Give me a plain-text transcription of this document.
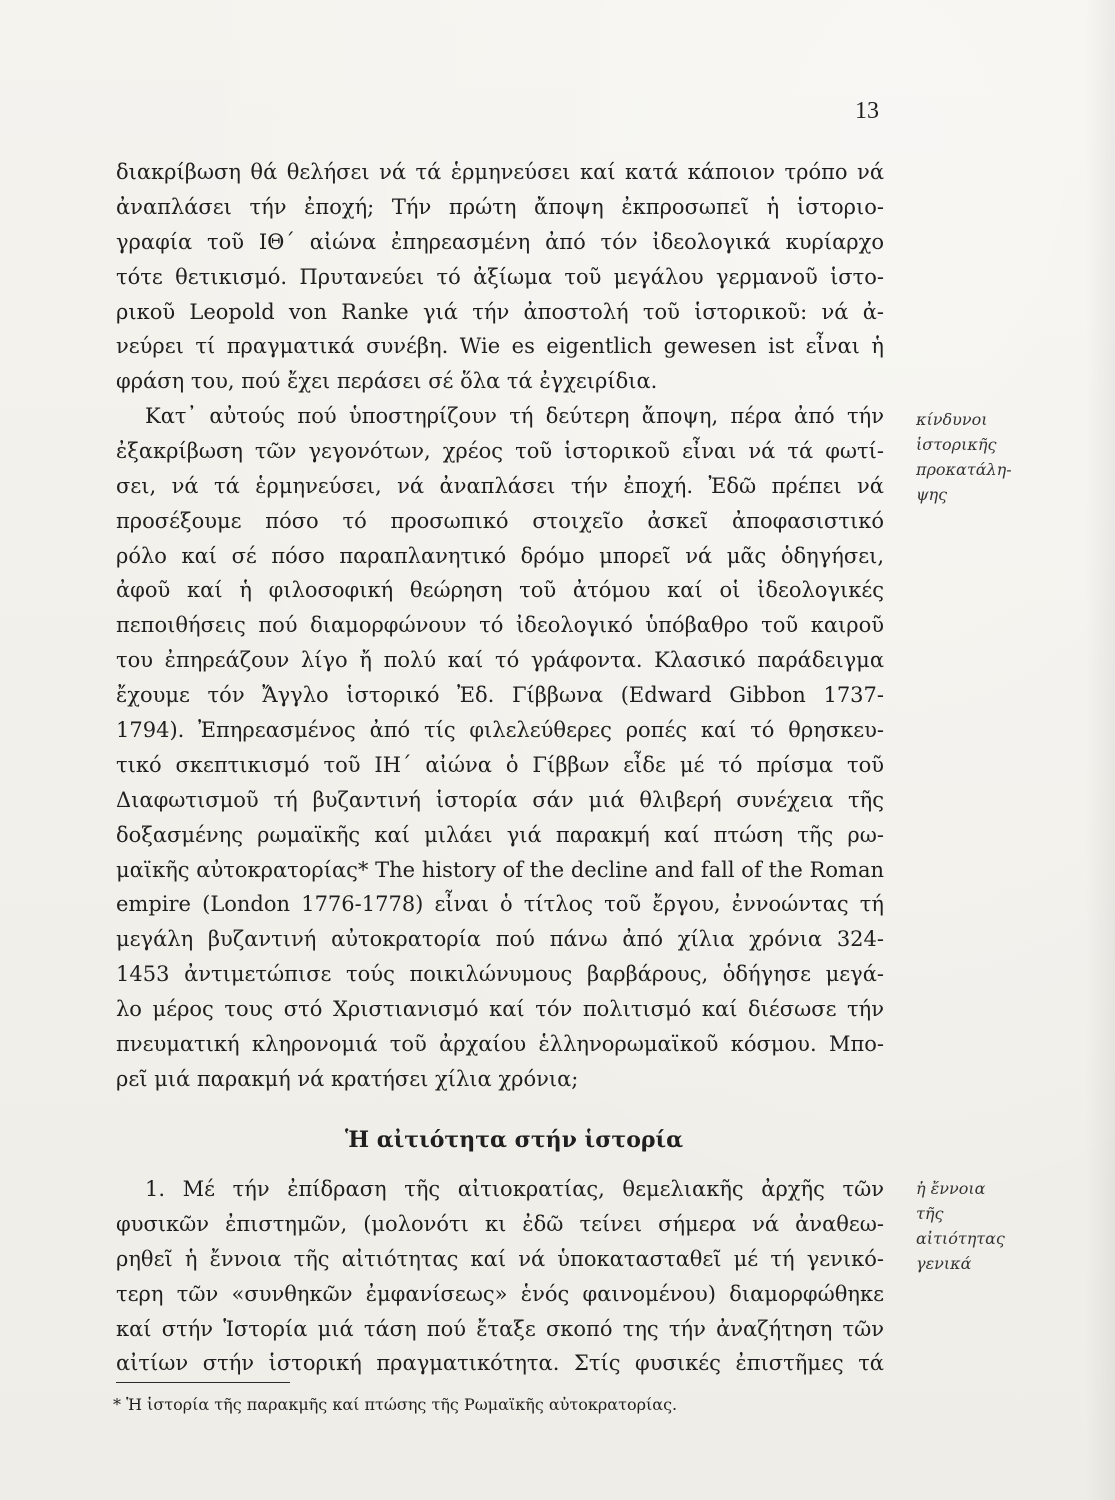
13
διακρίβωση θά θελήσει νά τά ἑρμηνεύσει καί κατά κάποιον τρόπο νά
ἀναπλάσει τήν ἐποχή; Τήν πρώτη ἄποψη ἐκπροσωπεῖ ἡ ἱστοριο-
γραφία τοῦ ΙΘ΄ αἰώνα ἐπηρεασμένη ἀπό τόν ἰδεολογικά κυρίαρχο
τότε θετικισμό. Πρυτανεύει τό ἀξίωμα τοῦ μεγάλου γερμανοῦ ἱστο-
ρικοῦ Leopold von Ranke γιά τήν ἀποστολή τοῦ ἱστορικοῦ: νά ἀ-
νεύρει τί πραγματικά συνέβη. Wie es eigentlich gewesen ist εἶναι ἡ
φράση του, πού ἔχει περάσει σέ ὅλα τά ἐγχειρίδια.
Κατ᾿ αὐτούς πού ὑποστηρίζουν τή δεύτερη ἄποψη, πέρα ἀπό τήν
ἐξακρίβωση τῶν γεγονότων, χρέος τοῦ ἱστορικοῦ εἶναι νά τά φωτί-
σει, νά τά ἑρμηνεύσει, νά ἀναπλάσει τήν ἐποχή. Ἐδῶ πρέπει νά
προσέξουμε πόσο τό προσωπικό στοιχεῖο ἀσκεῖ ἀποφασιστικό
ρόλο καί σέ πόσο παραπλανητικό δρόμο μπορεῖ νά μᾶς ὁδηγήσει,
ἀφοῦ καί ἡ φιλοσοφική θεώρηση τοῦ ἀτόμου καί οἱ ἰδεολογικές
πεποιθήσεις πού διαμορφώνουν τό ἰδεολογικό ὑπόβαθρο τοῦ καιροῦ
του ἐπηρεάζουν λίγο ἤ πολύ καί τό γράφοντα. Κλασικό παράδειγμα
ἔχουμε τόν Ἄγγλο ἱστορικό Ἐδ. Γίββωνα (Edward Gibbon 1737-
1794). Ἐπηρεασμένος ἀπό τίς φιλελεύθερες ροπές καί τό θρησκευ-
τικό σκεπτικισμό τοῦ ΙΗ΄ αἰώνα ὁ Γίββων εἶδε μέ τό πρίσμα τοῦ
Διαφωτισμοῦ τή βυζαντινή ἱστορία σάν μιά θλιβερή συνέχεια τῆς
δοξασμένης ρωμαϊκῆς καί μιλάει γιά παρακμή καί πτώση τῆς ρω-
μαϊκῆς αὐτοκρατορίας* The history of the decline and fall of the Roman
empire (London 1776-1778) εἶναι ὁ τίτλος τοῦ ἔργου, ἐννοώντας τή
μεγάλη βυζαντινή αὐτοκρατορία πού πάνω ἀπό χίλια χρόνια 324-
1453 ἀντιμετώπισε τούς ποικιλώνυμους βαρβάρους, ὁδήγησε μεγά-
λο μέρος τους στό Χριστιανισμό καί τόν πολιτισμό καί διέσωσε τήν
πνευματική κληρονομιά τοῦ ἀρχαίου ἑλληνορωμαϊκοῦ κόσμου. Μπο-
ρεῖ μιά παρακμή νά κρατήσει χίλια χρόνια;
Ἡ αἰτιότητα στήν ἱστορία
1. Μέ τήν ἐπίδραση τῆς αἰτιοκρατίας, θεμελιακῆς ἀρχῆς τῶν
φυσικῶν ἐπιστημῶν, (μολονότι κι ἐδῶ τείνει σήμερα νά ἀναθεω-
ρηθεῖ ἡ ἔννοια τῆς αἰτιότητας καί νά ὑποκατασταθεῖ μέ τή γενικό-
τερη τῶν «συνθηκῶν ἐμφανίσεως» ἑνός φαινομένου) διαμορφώθηκε
καί στήν Ἱστορία μιά τάση πού ἔταξε σκοπό της τήν ἀναζήτηση τῶν
αἰτίων στήν ἱστορική πραγματικότητα. Στίς φυσικές ἐπιστῆμες τά
κίνδυνοι
ἱστορικῆς
προκατάλη-
ψης
ἡ ἔννοια
τῆς
αἰτιότητας
γενικά
* Ἡ ἱστορία τῆς παρακμῆς καί πτώσης τῆς Ρωμαϊκῆς αὐτοκρατορίας.
